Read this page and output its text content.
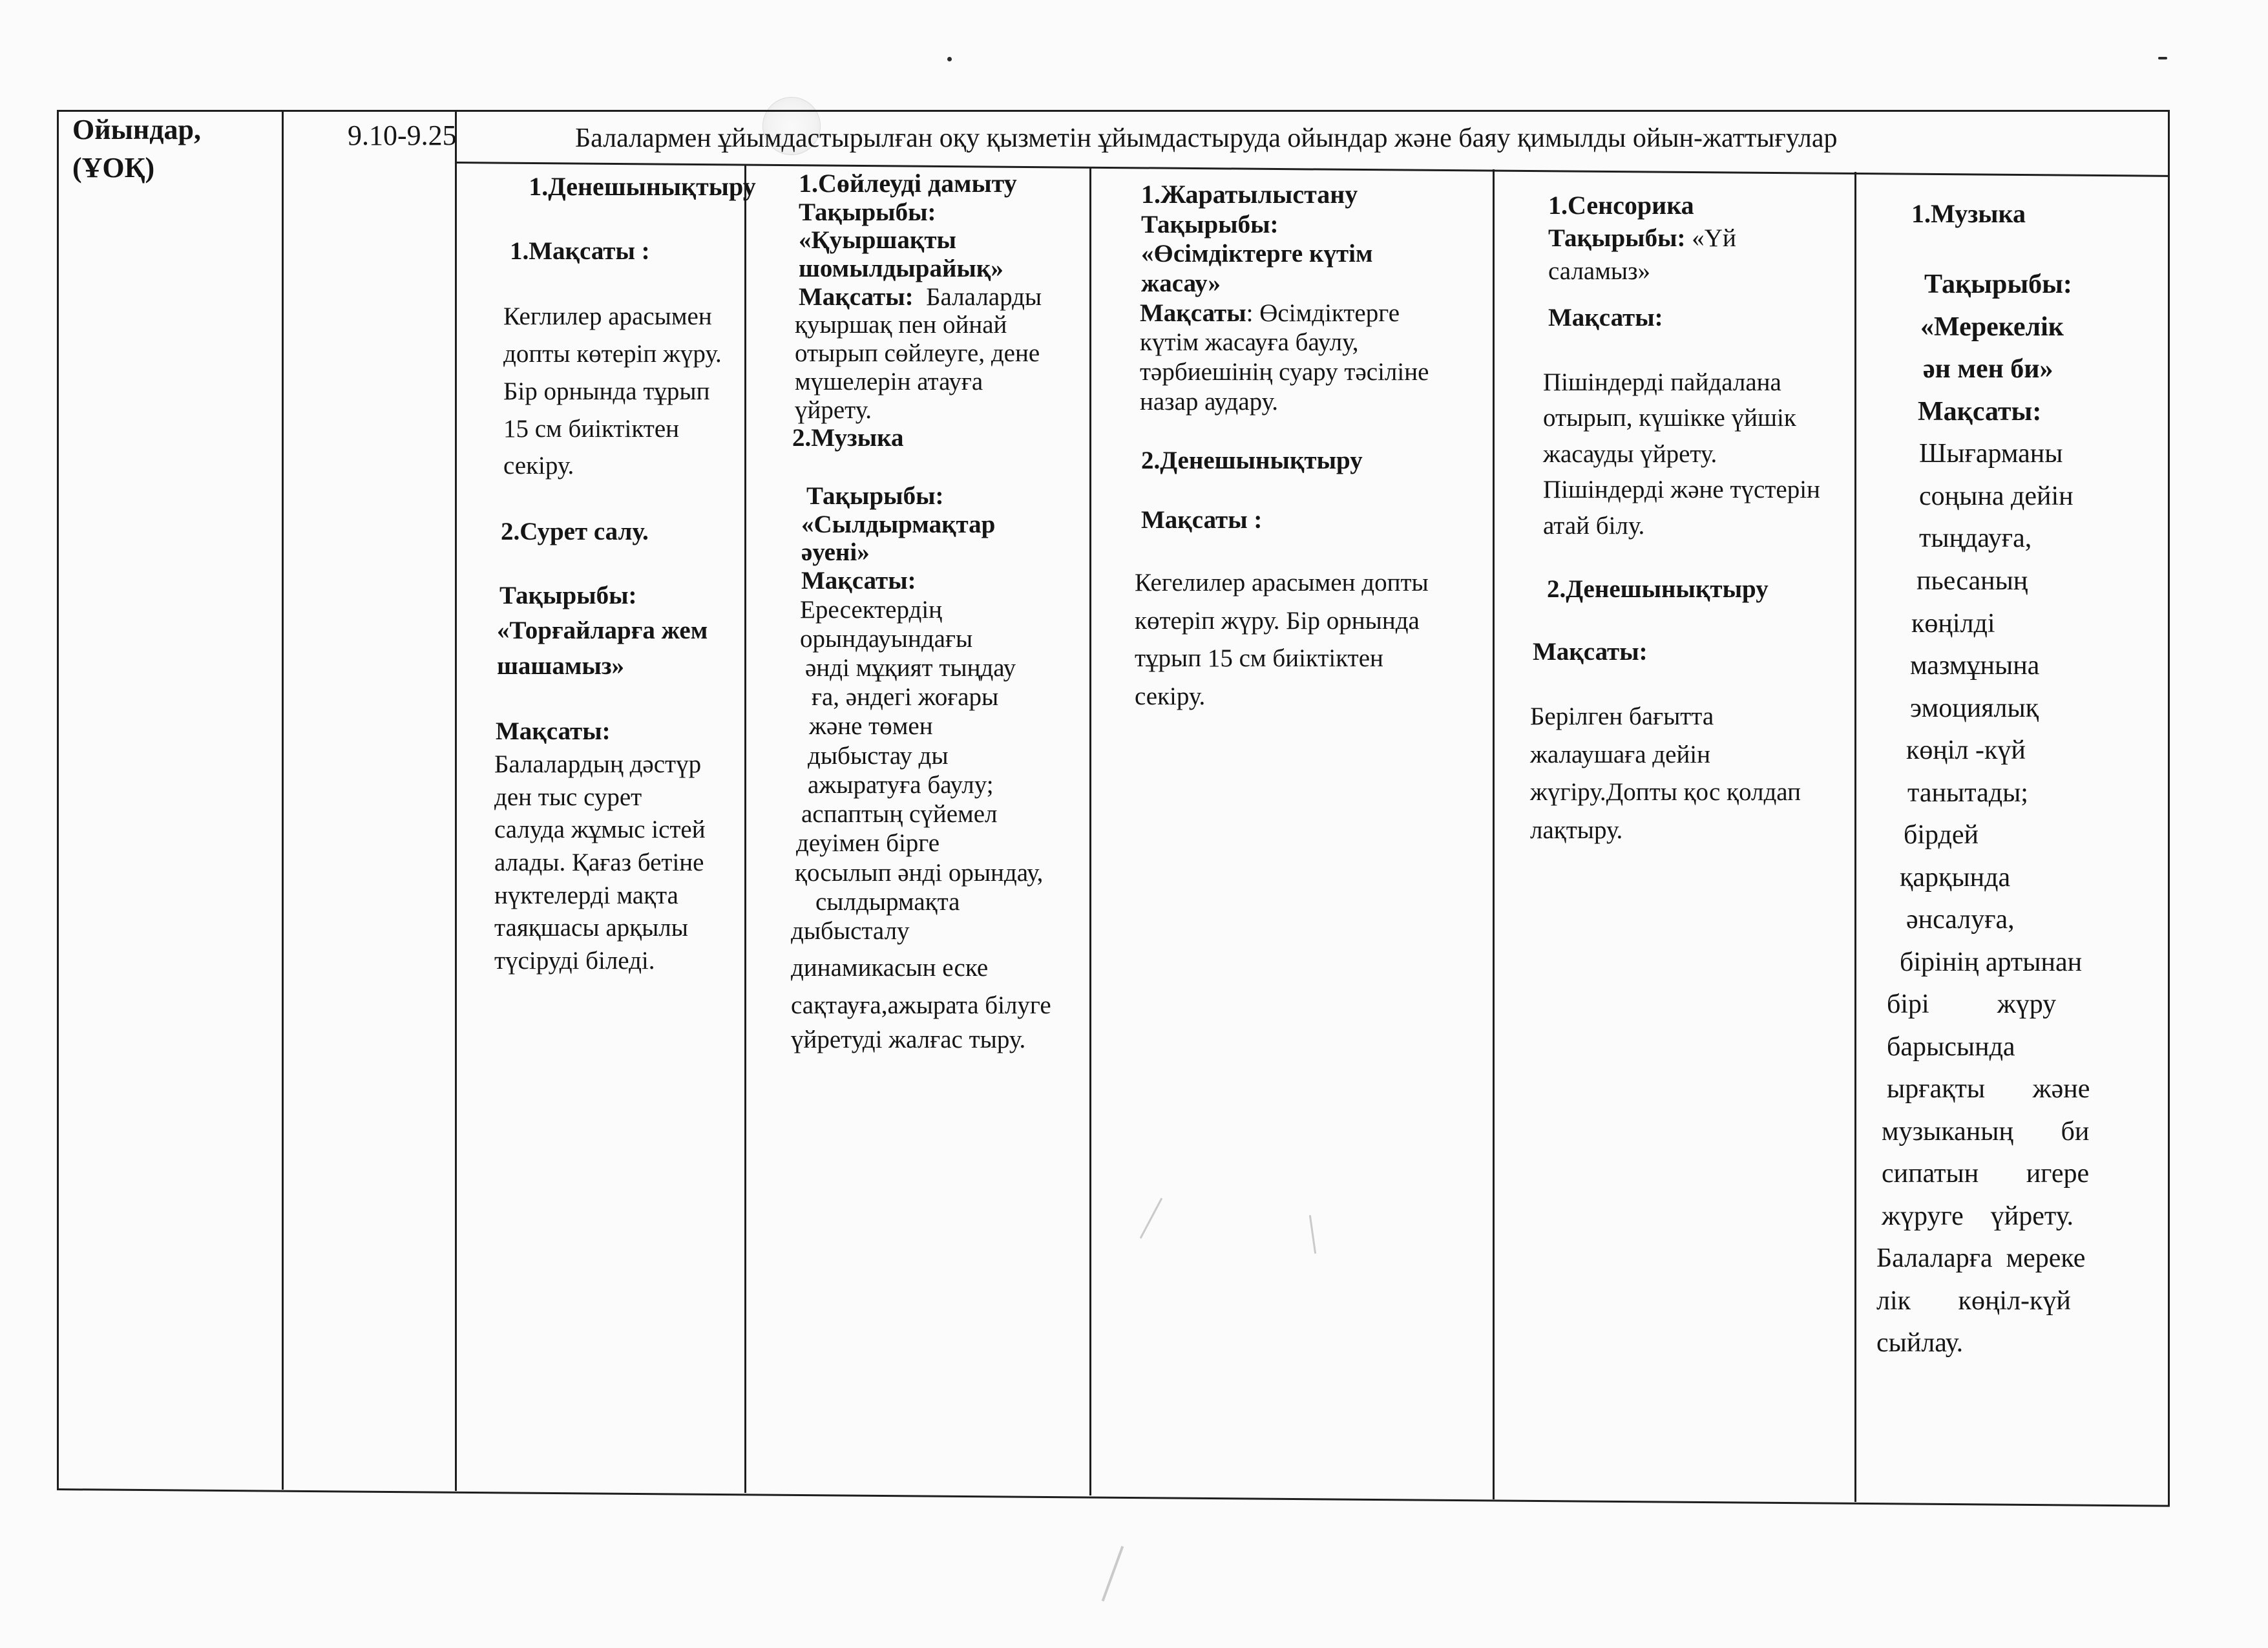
Ойындар,

(ҰОҚ)

9.10-9.25	Балалармен ұйымдастырылған оқу қызметін ұйымдастыруда ойындар және баяу қимылды ойын-жаттығулар

1.Денешынықтыру

1.Мақсаты :

Кеглилер арасымен

допты көтеріп жүру.

Бір орнында тұрып

15 см биіктіктен

секіру.

2.Сурет салу.

Тақырыбы:

«Торғайларға жем

шашамыз»

Мақсаты:

Балалардың дәстүр

ден тыс сурет

салуда жұмыс істей

алады. Қағаз бетіне

нүктелерді мақта

таяқшасы арқылы

түсіруді біледі.

1.Сөйлеуді дамыту

Тақырыбы:

«Қуыршақты

шомылдырайық»

Мақсаты: Балаларды

қуыршақ пен ойнай

отырып сөйлеуге, дене

мүшелерін атауға

үйрету.

2.Музыка

Тақырыбы:

«Сылдырмақтар

әуені»

Мақсаты:

Ересектердің

орындауындағы

әнді мұқият тыңдау

ға, әндегі жоғары

және төмен

дыбыстау ды

ажыратуға баулу;

аспаптың сүйемел

деуімен бірге

қосылып әнді орындау,

сылдырмақта

дыбысталу

динамикасын еске

сақтауға,ажырата білуге

үйретуді жалғас тыру.

1.Жаратылыстану

Тақырыбы:

«Өсімдіктерге күтім

жасау»

Мақсаты: Өсімдіктерге

күтім жасауға баулу,

тәрбиешінің суару тәсіліне

назар аудару.

2.Денешынықтыру

Мақсаты :

Кегелилер арасымен допты

көтеріп жүру. Бір орнында

тұрып 15 см биіктіктен

секіру.

1.Сенсорика

Тақырыбы: «Үй

саламыз»

Мақсаты:

Пішіндерді пайдалана

отырып, күшікке үйшік

жасауды үйрету.

Пішіндерді және түстерін

атай білу.

2.Денешынықтыру

Мақсаты:

Берілген бағытта

жалаушаға дейін

жүгіру.Допты қос қолдап

лақтыру.

1.Музыка

Тақырыбы:

«Мерекелік

ән мен би»

Мақсаты:

Шығарманы

соңына дейін

тыңдауға,

пьесаның

көңілді

мазмұнына

эмоциялық

көңіл -күй

танытады;

бірдей

қарқында

әнсалуға,

бірінің артынан

бірі          жүру

барысында

ырғақты       және

музыканың       би

сипатын       игере

жүруге    үйрету.

Балаларға  мереке

лік       көңіл-күй

сыйлау.
